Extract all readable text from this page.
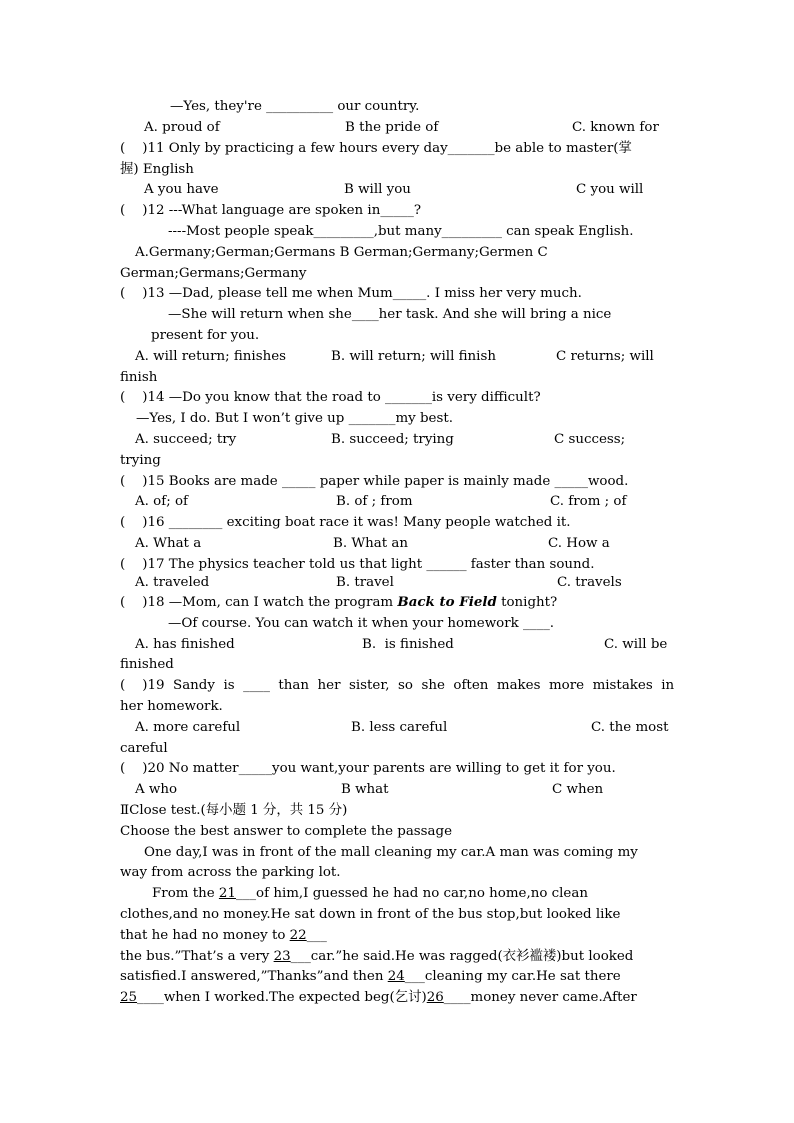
—Yes, they're __________ our country.
A. proud of	B the pride of	C. known for
(    )11 Only by practicing a few hours every day_______be able to master(掌
握) English
A you have	B will you	C you will
(    )12 ---What language are spoken in_____?
----Most people speak_________,but many_________ can speak English.
A.Germany;German;Germans B German;Germany;Germen C
German;Germans;Germany
(    )13 —Dad, please tell me when Mum_____. I miss her very much.
—She will return when she____her task. And she will bring a nice
present for you.
A. will return; finishes	B. will return; will finish	C returns; will
finish
(    )14 —Do you know that the road to _______is very difficult?
—Yes, I do. But I won’t give up _______my best.
A. succeed; try	B. succeed; trying	C success;
trying
(    )15 Books are made _____ paper while paper is mainly made _____wood.
A. of; of	B. of ; from	C. from ; of
(    )16 ________ exciting boat race it was! Many people watched it.
A. What a	B. What an	C. How a
(    )17 The physics teacher told us that light ______ faster than sound.
A. traveled	B. travel	C. travels
(    )18 —Mom, can I watch the program Back to Field tonight?
—Of course. You can watch it when your homework ____.
A. has finished	B.  is finished	C. will be
finished
(    )19  Sandy  is  ____  than  her  sister,  so  she  often  makes  more  mistakes  in
her homework.
A. more careful	B. less careful	C. the most
careful
(    )20 No matter_____you want,your parents are willing to get it for you.
A who	B what	C when
ⅡClose test.(每小题 1 分，共 15 分)
Choose the best answer to complete the passage
One day,I was in front of the mall cleaning my car.A man was coming my
way from across the parking lot.
From the 21___of him,I guessed he had no car,no home,no clean
clothes,and no money.He sat down in front of the bus stop,but looked like
that he had no money to 22___
the bus.”That’s a very 23___car.”he said.He was ragged(衣衫褴褛)but looked
satisfied.I answered,”Thanks”and then 24___cleaning my car.He sat there
25____when I worked.The expected beg(乞讨)26____money never came.After
